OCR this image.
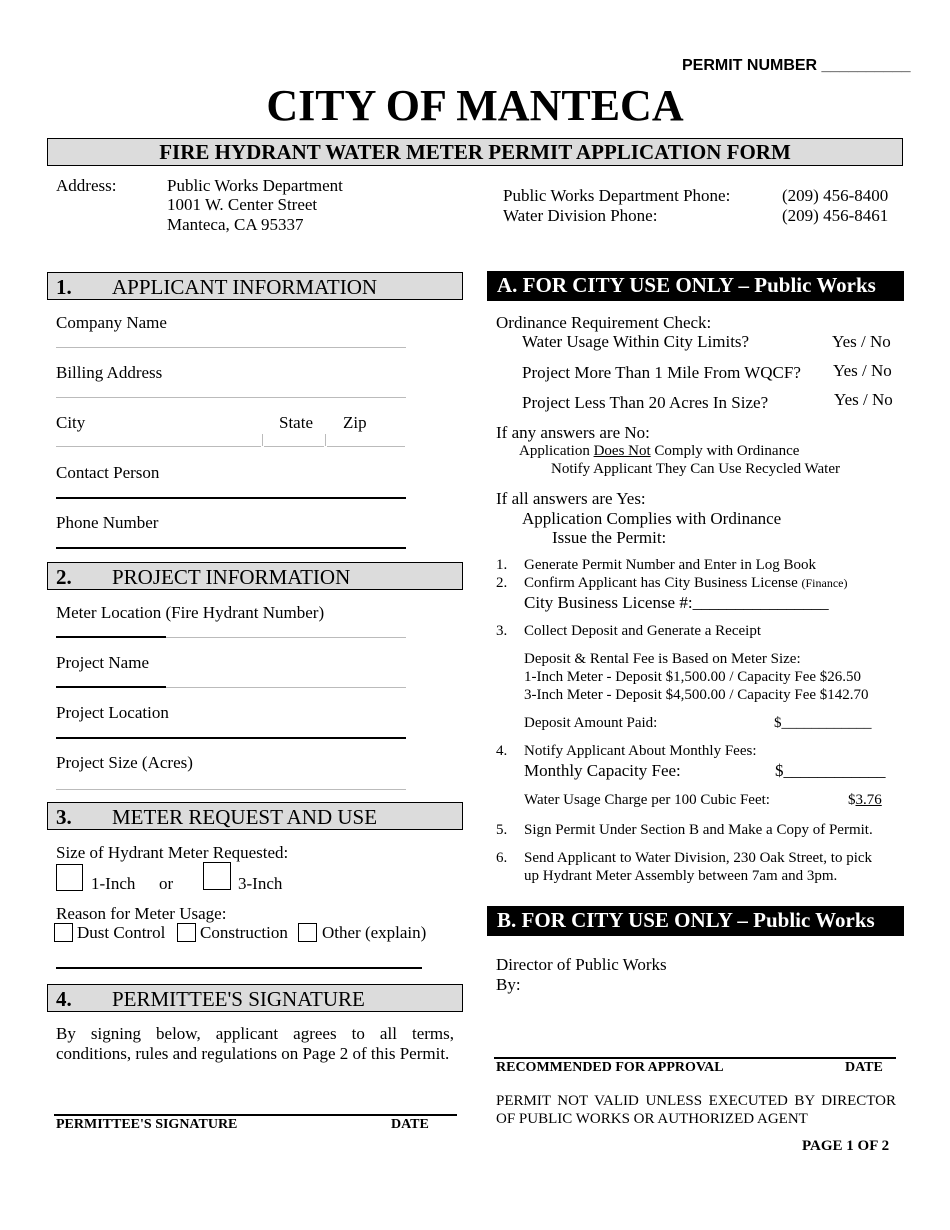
PERMIT NUMBER __________
CITY OF MANTECA
FIRE HYDRANT WATER METER PERMIT APPLICATION FORM
Address:	Public Works Department
1001 W. Center Street
Manteca, CA 95337
Public Works Department Phone:	(209) 456-8400
Water Division Phone:	(209) 456-8461
1. APPLICANT INFORMATION
Company Name
Billing Address
City	State Zip
Contact Person
Phone Number
2. PROJECT INFORMATION
Meter Location (Fire Hydrant Number)
Project Name
Project Location
Project Size (Acres)
3. METER REQUEST AND USE
Size of Hydrant Meter Requested:
1-Inch or	3-Inch
Reason for Meter Usage:
Dust Control Construction Other (explain)
4. PERMITTEE'S SIGNATURE
By signing below, applicant agrees to all terms, conditions, rules and regulations on Page 2 of this Permit.
PERMITTEE'S SIGNATURE	DATE
A. FOR CITY USE ONLY – Public Works
Ordinance Requirement Check:
Water Usage Within City Limits?	Yes / No
Project More Than 1 Mile From WQCF? Yes / No
Project Less Than 20 Acres In Size?	Yes / No
If any answers are No:
Application Does Not Comply with Ordinance
Notify Applicant They Can Use Recycled Water
If all answers are Yes:
Application Complies with Ordinance
Issue the Permit:
1. Generate Permit Number and Enter in Log Book
2. Confirm Applicant has City Business License (Finance)
City Business License #:________________
3. Collect Deposit and Generate a Receipt
Deposit & Rental Fee is Based on Meter Size:
1-Inch Meter - Deposit $1,500.00 / Capacity Fee $26.50
3-Inch Meter - Deposit $4,500.00 / Capacity Fee $142.70
Deposit Amount Paid:	$____________
4. Notify Applicant About Monthly Fees:
Monthly Capacity Fee:	$____________
Water Usage Charge per 100 Cubic Feet:	$3.76
5. Sign Permit Under Section B and Make a Copy of Permit.
6. Send Applicant to Water Division, 230 Oak Street, to pick
up Hydrant Meter Assembly between 7am and 3pm.
B. FOR CITY USE ONLY – Public Works
Director of Public Works
By:
RECOMMENDED FOR APPROVAL	DATE
PERMIT NOT VALID UNLESS EXECUTED BY DIRECTOR OF PUBLIC WORKS OR AUTHORIZED AGENT
PAGE 1 OF 2
